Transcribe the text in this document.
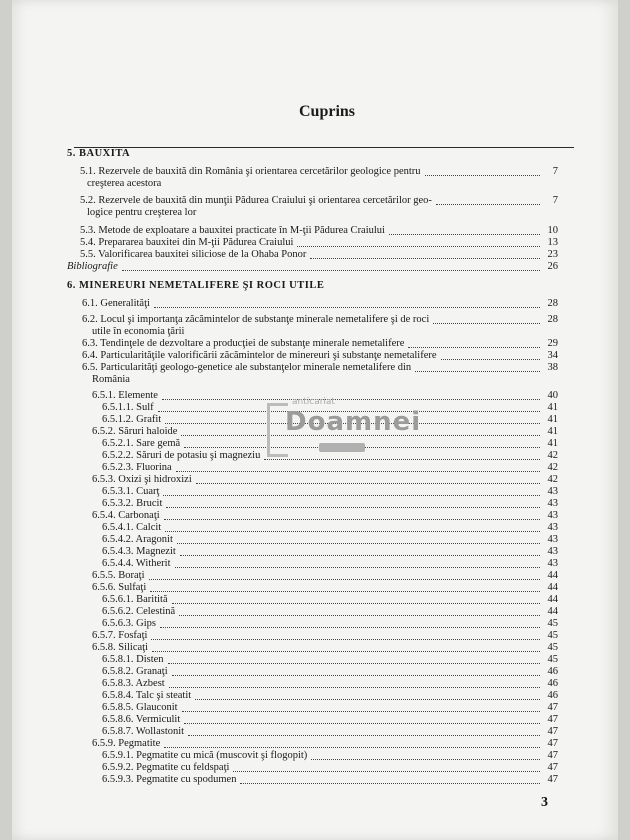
Cuprins
5. BAUXITA
5.1. Rezervele de bauxită din România şi orientarea cercetărilor geologice pentru	7
creşterea acestora
5.2. Rezervele de bauxită din munţii Pădurea Craiului şi orientarea cercetărilor geo-	7
logice pentru creşterea lor
5.3. Metode de exploatare a bauxitei practicate în M-ţii Pădurea Craiului	10
5.4. Prepararea bauxitei din M-ţii Pădurea Craiului	13
5.5. Valorificarea bauxitei siliciose de la Ohaba Ponor	23
Bibliografie	26
6. MINEREURI NEMETALIFERE ŞI ROCI UTILE
6.1. Generalităţi	28
6.2. Locul şi importanţa zăcămintelor de substanţe minerale nemetalifere şi de roci	28
utile în economia ţării
6.3. Tendinţele de dezvoltare a producţiei de substanţe minerale nemetalifere	29
6.4. Particularităţile valorificării zăcămintelor de minereuri şi substanţe nemetalifere	34
6.5. Particularităţi geologo-genetice ale substanţelor minerale nemetalifere din	38
România
6.5.1. Elemente	40
6.5.1.1. Sulf	41
6.5.1.2. Grafit	41
6.5.2. Săruri haloide	41
6.5.2.1. Sare gemă	41
6.5.2.2. Săruri de potasiu şi magneziu	42
6.5.2.3. Fluorina	42
6.5.3. Oxizi şi hidroxizi	42
6.5.3.1. Cuarţ	43
6.5.3.2. Brucit	43
6.5.4. Carbonaţi	43
6.5.4.1. Calcit	43
6.5.4.2. Aragonit	43
6.5.4.3. Magnezit	43
6.5.4.4. Witherit	43
6.5.5. Boraţi	44
6.5.6. Sulfaţi	44
6.5.6.1. Baritită	44
6.5.6.2. Celestină	44
6.5.6.3. Gips	45
6.5.7. Fosfaţi	45
6.5.8. Silicaţi	45
6.5.8.1. Disten	45
6.5.8.2. Granaţi	46
6.5.8.3. Azbest	46
6.5.8.4. Talc şi steatit	46
6.5.8.5. Glauconit	47
6.5.8.6. Vermiculit	47
6.5.8.7. Wollastonit	47
6.5.9. Pegmatite	47
6.5.9.1. Pegmatite cu mică (muscovit şi flogopit)	47
6.5.9.2. Pegmatite cu feldspaţi	47
6.5.9.3. Pegmatite cu spodumen	47
anticariat
Doamnei
3
